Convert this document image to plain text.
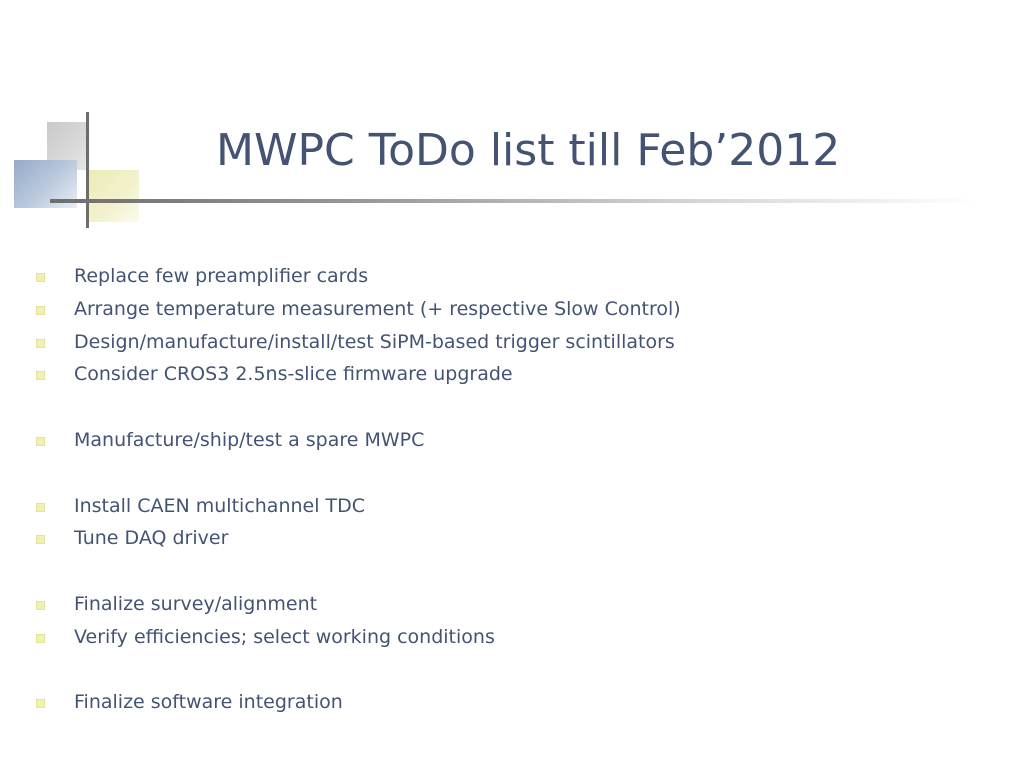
MWPC ToDo list till Feb’2012
Replace few preamplifier cards
Arrange temperature measurement (+ respective Slow Control)
Design/manufacture/install/test SiPM-based trigger scintillators
Consider CROS3 2.5ns-slice firmware upgrade
Manufacture/ship/test a spare MWPC
Install CAEN multichannel TDC
Tune DAQ driver
Finalize survey/alignment
Verify efficiencies; select working conditions
Finalize software integration
